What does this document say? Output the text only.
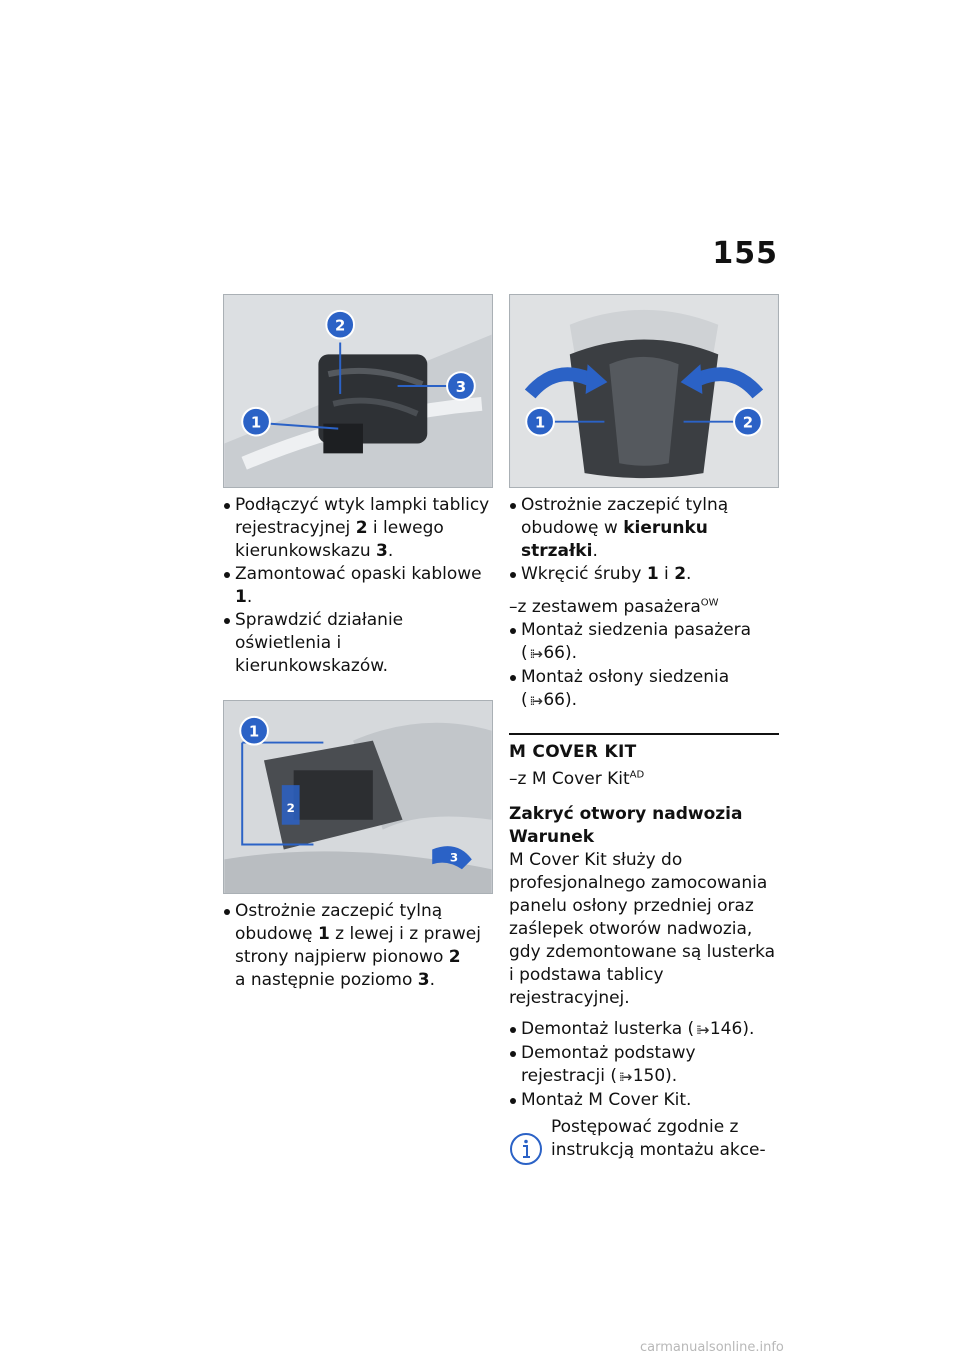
155
1
2
3
Podłączyć wtyk lampki tablicy rejestracyjnej 2 i lewego kierunkowskazu 3.
Zamontować opaski kablowe 1.
Sprawdzić działanie oświetlenia i kierunkowskazów.
1
2
3
Ostrożnie zaczepić tylną obudowę 1 z lewej i z prawej strony najpierw pionowo 2
a następnie poziomo 3.
1	2
Ostrożnie zaczepić tylną obudowę w kierunku strzałki.
Wkręcić śruby 1 i 2.

–z zestawem pasażera$^{OW}$

Montaż siedzenia pasażera
( ⁞⁞➜ 66).
Montaż osłony siedzenia
( ⁞⁞➜ 66).
M COVER KIT

–z M Cover Kit$^{AD}$

Zakryć otwory nadwozia
Warunek

M Cover Kit służy do profesjonalnego zamocowania panelu osłony przedniej oraz zaślepek otworów nadwozia, gdy zdemontowane są lusterka i podstawa tablicy rejestracyjnej.

Demontaż lusterka ( ⁞⁞➜ 146).
Demontaż podstawy rejestracji ( ⁞⁞➜ 150).
Montaż M Cover Kit.

Postępować zgodnie z instrukcją montażu akce-

carmanualsonline.info
